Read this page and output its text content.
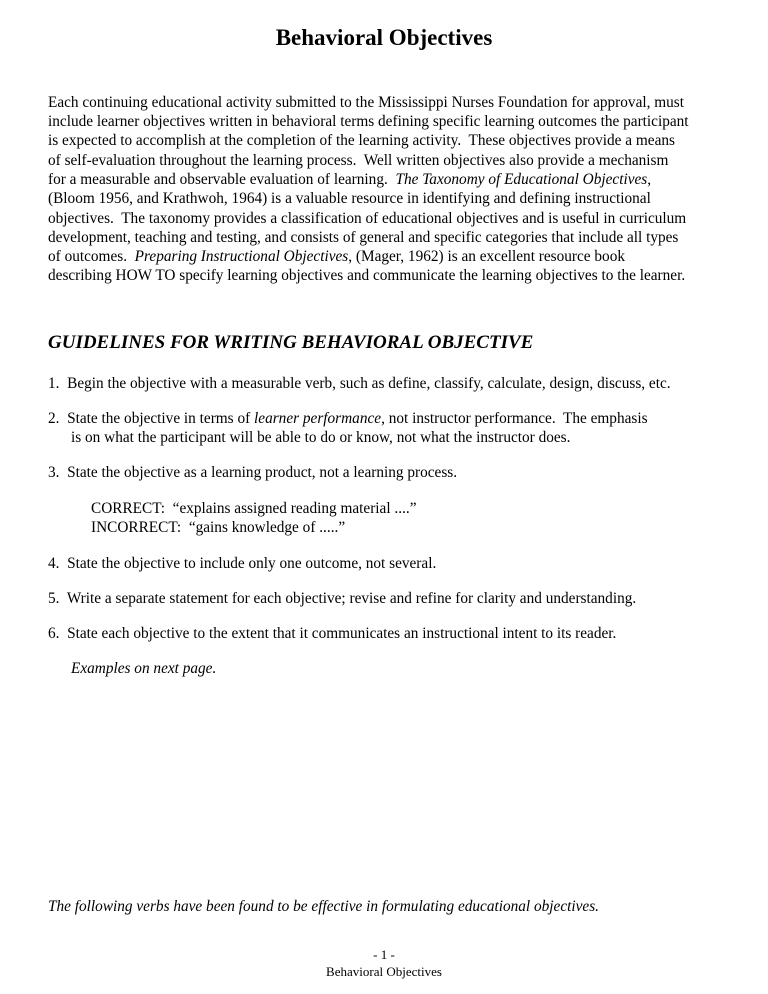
Behavioral Objectives
Each continuing educational activity submitted to the Mississippi Nurses Foundation for approval, must
include learner objectives written in behavioral terms defining specific learning outcomes the participant
is expected to accomplish at the completion of the learning activity.  These objectives provide a means
of self-evaluation throughout the learning process.  Well written objectives also provide a mechanism
for a measurable and observable evaluation of learning.  The Taxonomy of Educational Objectives,
(Bloom 1956, and Krathwoh, 1964) is a valuable resource in identifying and defining instructional
objectives.  The taxonomy provides a classification of educational objectives and is useful in curriculum
development, teaching and testing, and consists of general and specific categories that include all types
of outcomes.  Preparing Instructional Objectives, (Mager, 1962) is an excellent resource book
describing HOW TO specify learning objectives and communicate the learning objectives to the learner.
GUIDELINES FOR WRITING BEHAVIORAL OBJECTIVE
1.  Begin the objective with a measurable verb, such as define, classify, calculate, design, discuss, etc.
2.  State the objective in terms of learner performance, not instructor performance.  The emphasis
is on what the participant will be able to do or know, not what the instructor does.
3.  State the objective as a learning product, not a learning process.
CORRECT:  “explains assigned reading material ....”
INCORRECT:  “gains knowledge of .....”
4.  State the objective to include only one outcome, not several.
5.  Write a separate statement for each objective; revise and refine for clarity and understanding.
6.  State each objective to the extent that it communicates an instructional intent to its reader.
Examples on next page.
The following verbs have been found to be effective in formulating educational objectives.
- 1 -
Behavioral Objectives
